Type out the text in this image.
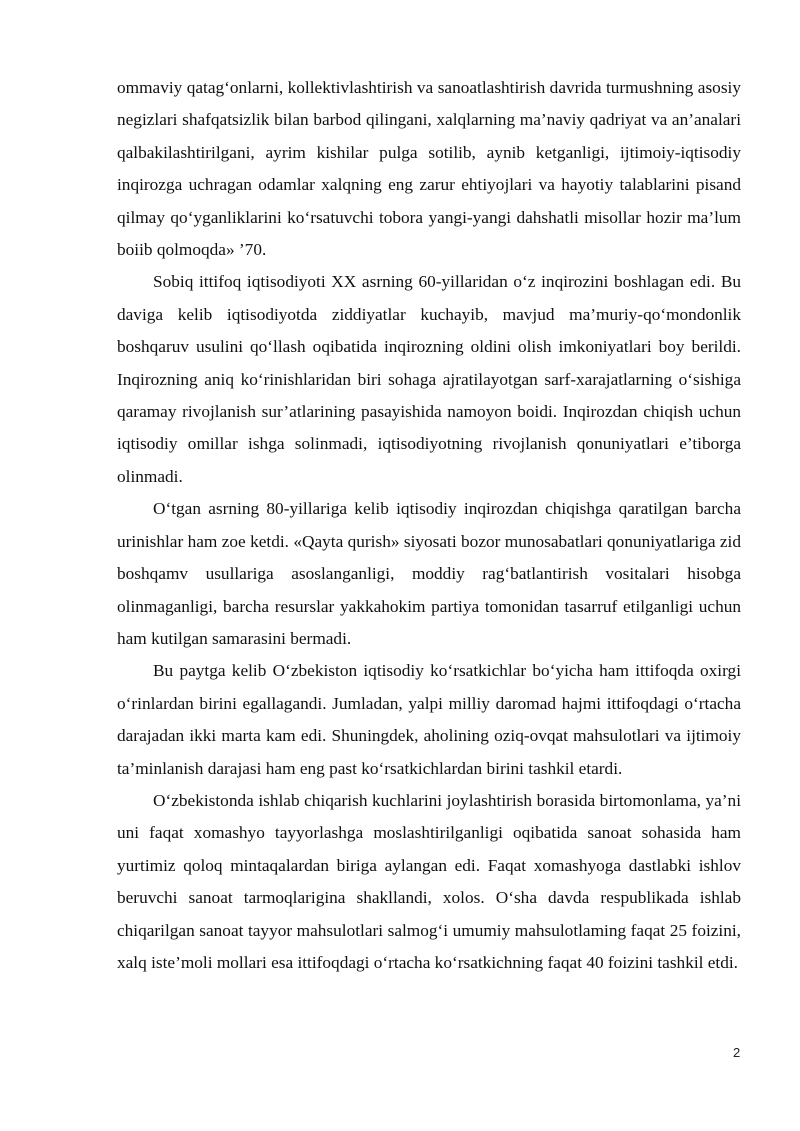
ommaviy qatag‘onlarni, kollektivlashtirish va sanoatlashtirish davrida turmushning asosiy negizlari shafqatsizlik bilan barbod qilingani, xalqlarning ma’naviy qadriyat va an’analari qalbakilashtirilgani, ayrim kishilar pulga sotilib, aynib ketganligi, ijtimoiy-iqtisodiy inqirozga uchragan odamlar xalqning eng zarur ehtiyojlari va hayotiy talablarini pisand qilmay qo‘yganliklarini ko‘rsatuvchi tobora yangi-yangi dahshatli misollar hozir ma’lum boiib qolmoqda» ’70.

Sobiq ittifoq iqtisodiyoti XX asrning 60-yillaridan o‘z inqirozini boshlagan edi. Bu daviga kelib iqtisodiyotda ziddiyatlar kuchayib, mavjud ma’muriy-qo‘mondonlik boshqaruv usulini qo‘llash oqibatida inqirozning oldini olish imkoniyatlari boy berildi. Inqirozning aniq ko‘rinishlaridan biri sohaga ajratilayotgan sarf-xarajatlarning o‘sishiga qaramay rivojlanish sur’atlarining pasayishida namoyon boidi. Inqirozdan chiqish uchun iqtisodiy omillar ishga solinmadi, iqtisodiyotning rivojlanish qonuniyatlari e’tiborga olinmadi.

O‘tgan asrning 80-yillariga kelib iqtisodiy inqirozdan chiqishga qaratilgan barcha urinishlar ham zoe ketdi. «Qayta qurish» siyosati bozor munosabatlari qonuniyatlariga zid boshqamv usullariga asoslanganligi, moddiy rag‘batlantirish vositalari hisobga olinmaganligi, barcha resurslar yakkahokim partiya tomonidan tasarruf etilganligi uchun ham kutilgan samarasini bermadi.

Bu paytga kelib O‘zbekiston iqtisodiy ko‘rsatkichlar bo‘yicha ham ittifoqda oxirgi o‘rinlardan birini egallagandi. Jumladan, yalpi milliy daromad hajmi ittifoqdagi o‘rtacha darajadan ikki marta kam edi. Shuningdek, aholining oziq-ovqat mahsulotlari va ijtimoiy ta’minlanish darajasi ham eng past ko‘rsatkichlardan birini tashkil etardi.

O‘zbekistonda ishlab chiqarish kuchlarini joylashtirish borasida birtomonlama, ya’ni uni faqat xomashyo tayyorlashga moslashtirilganligi oqibatida sanoat sohasida ham yurtimiz qoloq mintaqalardan biriga aylangan edi. Faqat xomashyoga dastlabki ishlov beruvchi sanoat tarmoqlarigina shakllandi, xolos. O‘sha davda respublikada ishlab chiqarilgan sanoat tayyor mahsulotlari salmog‘i umumiy mahsulotlaming faqat 25 foizini, xalq iste’moli mollari esa ittifoqdagi o‘rtacha ko‘rsatkichning faqat 40 foizini tashkil etdi.

2
